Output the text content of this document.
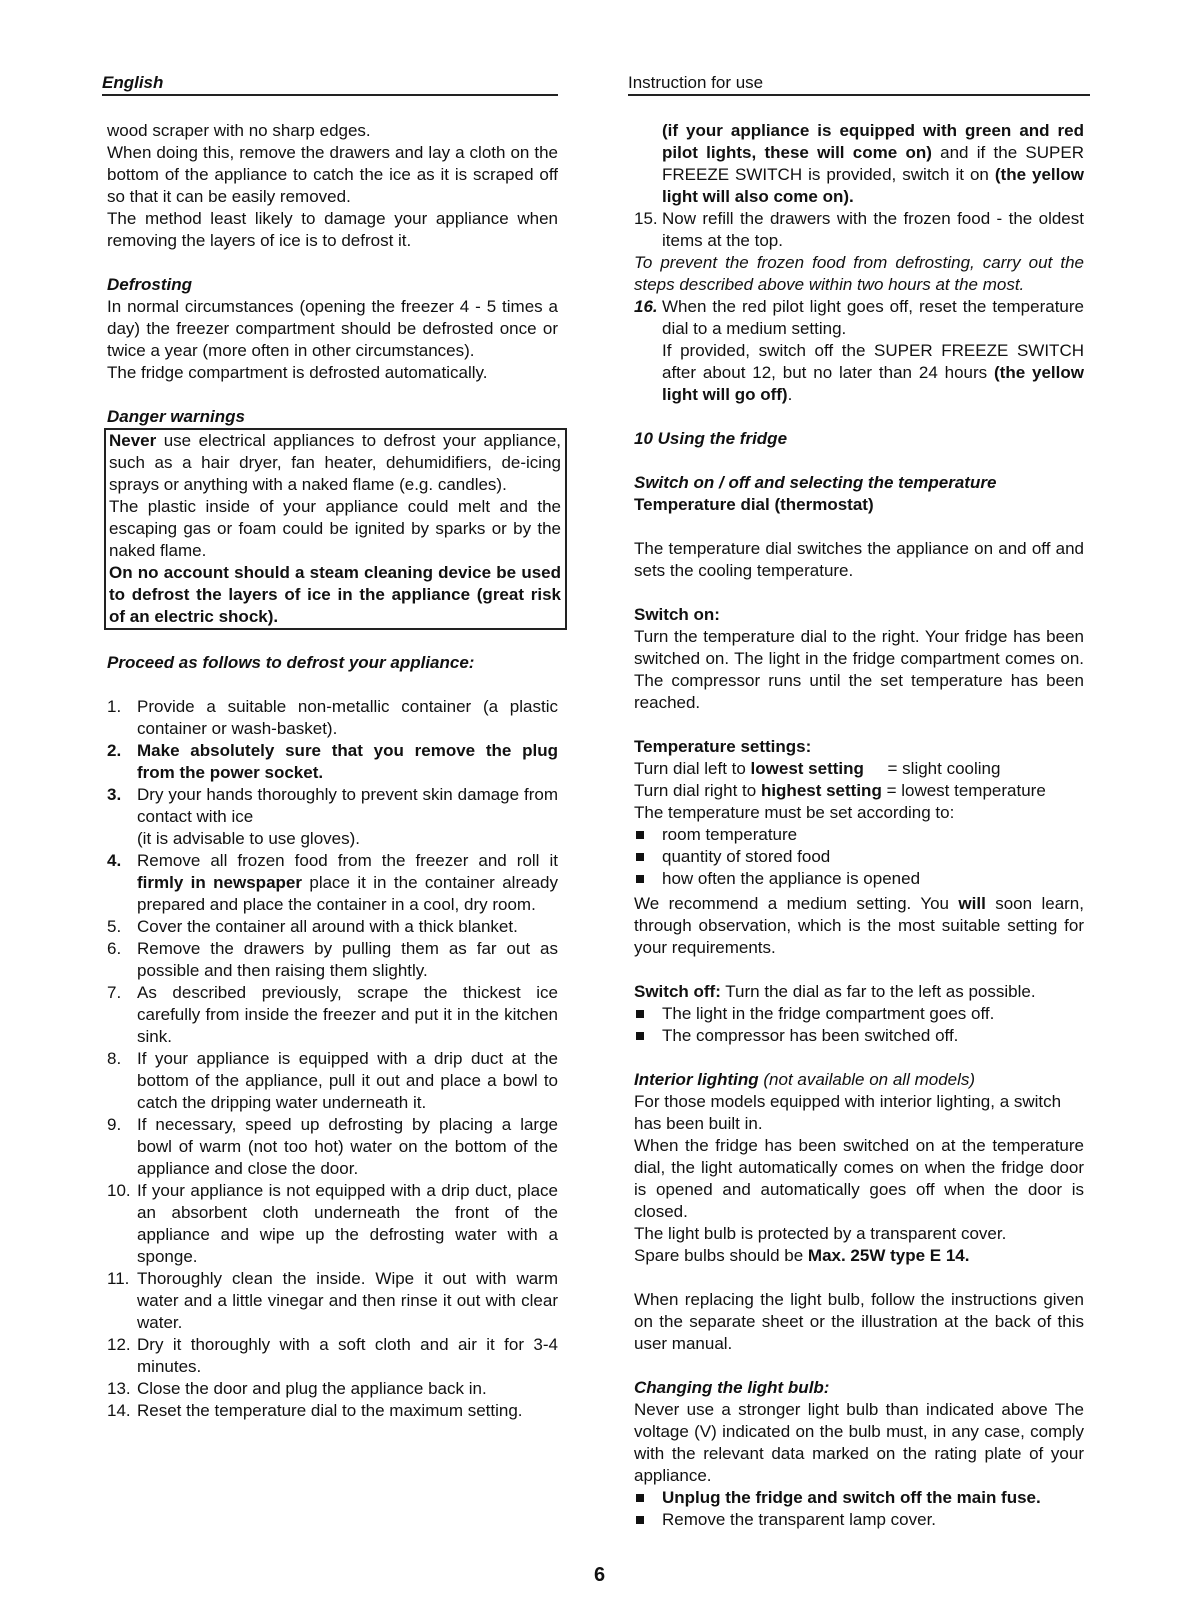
English	Instruction for use

wood scraper with no sharp edges.

When doing this, remove the drawers and lay a cloth on the bottom of the appliance to catch the ice as it is scraped off so that it can be easily removed.

The method least likely to damage your appliance when removing the layers of ice is to defrost it.

Defrosting

In normal circumstances (opening the freezer 4 - 5 times a day) the freezer compartment should be defrosted once or twice a year (more often in other circumstances).

The fridge compartment is defrosted automatically.

Danger warnings

Never use electrical appliances to defrost your appliance, such as a hair dryer, fan heater, dehumidifiers, de-icing sprays or anything with a naked flame (e.g. candles).

The plastic inside of your appliance could melt and the escaping gas or foam could be ignited by sparks or by the naked flame.

On no account should a steam cleaning device be used to defrost the layers of ice in the appliance (great risk of an electric shock).

Proceed as follows to defrost your appliance:

1. Provide a suitable non-metallic container (a plastic container or wash-basket).
2. Make absolutely sure that you remove the plug from the power socket.
3. Dry your hands thoroughly to prevent skin damage from contact with ice
(it is advisable to use gloves).
4. Remove all frozen food from the freezer and roll it firmly in newspaper place it in the container already prepared and place the container in a cool, dry room.
5. Cover the container all around with a thick blanket.
6. Remove the drawers by pulling them as far out as possible and then raising them slightly.
7. As described previously, scrape the thickest ice carefully from inside the freezer and put it in the kitchen sink.
8. If your appliance is equipped with a drip duct at the bottom of the appliance, pull it out and place a bowl to catch the dripping water underneath it.
9. If necessary, speed up defrosting by placing a large bowl of warm (not too hot) water on the bottom of the appliance and close the door.
10. If your appliance is not equipped with a drip duct, place an absorbent cloth underneath the front of the appliance and wipe up the defrosting water with a sponge.
11. Thoroughly clean the inside. Wipe it out with warm water and a little vinegar and then rinse it out with clear water.
12. Dry it thoroughly with a soft cloth and air it for 3-4 minutes.
13. Close the door and plug the appliance back in.
14. Reset the temperature dial to the maximum setting.

(if your appliance is equipped with green and red pilot lights, these will come on) and if the SUPER FREEZE SWITCH is provided, switch it on (the yellow light will also come on).

15. Now refill the drawers with the frozen food - the oldest items at the top.

To prevent the frozen food from defrosting, carry out the steps described above within two hours at the most.

16. When the red pilot light goes off, reset the temperature dial to a medium setting.

If provided, switch off the SUPER FREEZE SWITCH after about 12, but no later than 24 hours (the yellow light will go off).

10 Using the fridge

Switch on / off and selecting the temperature

Temperature dial (thermostat)

The temperature dial switches the appliance on and off and sets the cooling temperature.

Switch on:

Turn the temperature dial to the right. Your fridge has been switched on. The light in the fridge compartment comes on. The compressor runs until the set temperature has been reached.

Temperature settings:

Turn dial left to lowest setting     = slight cooling

Turn dial right to highest setting = lowest temperature

The temperature must be set according to:

room temperature
quantity of stored food
how often the appliance is opened

We recommend a medium setting. You will soon learn, through observation, which is the most suitable setting for your requirements.

Switch off: Turn the dial as far to the left as possible.

The light in the fridge compartment goes off.
The compressor has been switched off.

Interior lighting (not available on all models)

For those models equipped with interior lighting, a switch has been built in.

When the fridge has been switched on at the temperature dial, the light automatically comes on when the fridge door is opened and automatically goes off when the door is closed.

The light bulb is protected by a transparent cover.

Spare bulbs should be Max. 25W type E 14.

When replacing the light bulb, follow the instructions given on the separate sheet or the illustration at the back of this user manual.

Changing the light bulb:

Never use a stronger light bulb than indicated above The voltage (V) indicated on the bulb must, in any case, comply with the relevant data marked on the rating plate of your appliance.

Unplug the fridge and switch off the main fuse.
Remove the transparent lamp cover.
6
